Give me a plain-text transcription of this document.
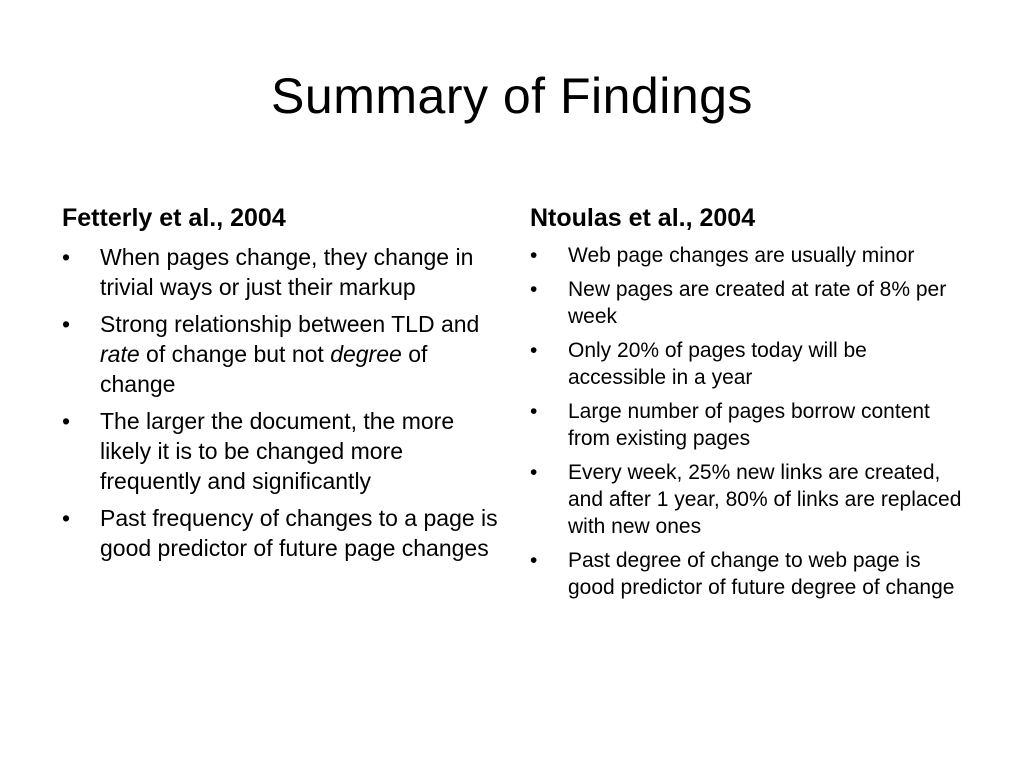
Summary of Findings
Fetterly et al., 2004
• When pages change, they change in trivial ways or just their markup
• Strong relationship between TLD and rate of change but not degree of change
• The larger the document, the more likely it is to be changed more frequently and significantly
• Past frequency of changes to a page is good predictor of future page changes
Ntoulas et al., 2004
• Web page changes are usually minor
• New pages are created at rate of 8% per week
• Only 20% of pages today will be accessible in a year
• Large number of pages borrow content from existing pages
• Every week, 25% new links are created, and after 1 year, 80% of links are replaced with new ones
• Past degree of change to web page is good predictor of future degree of change
